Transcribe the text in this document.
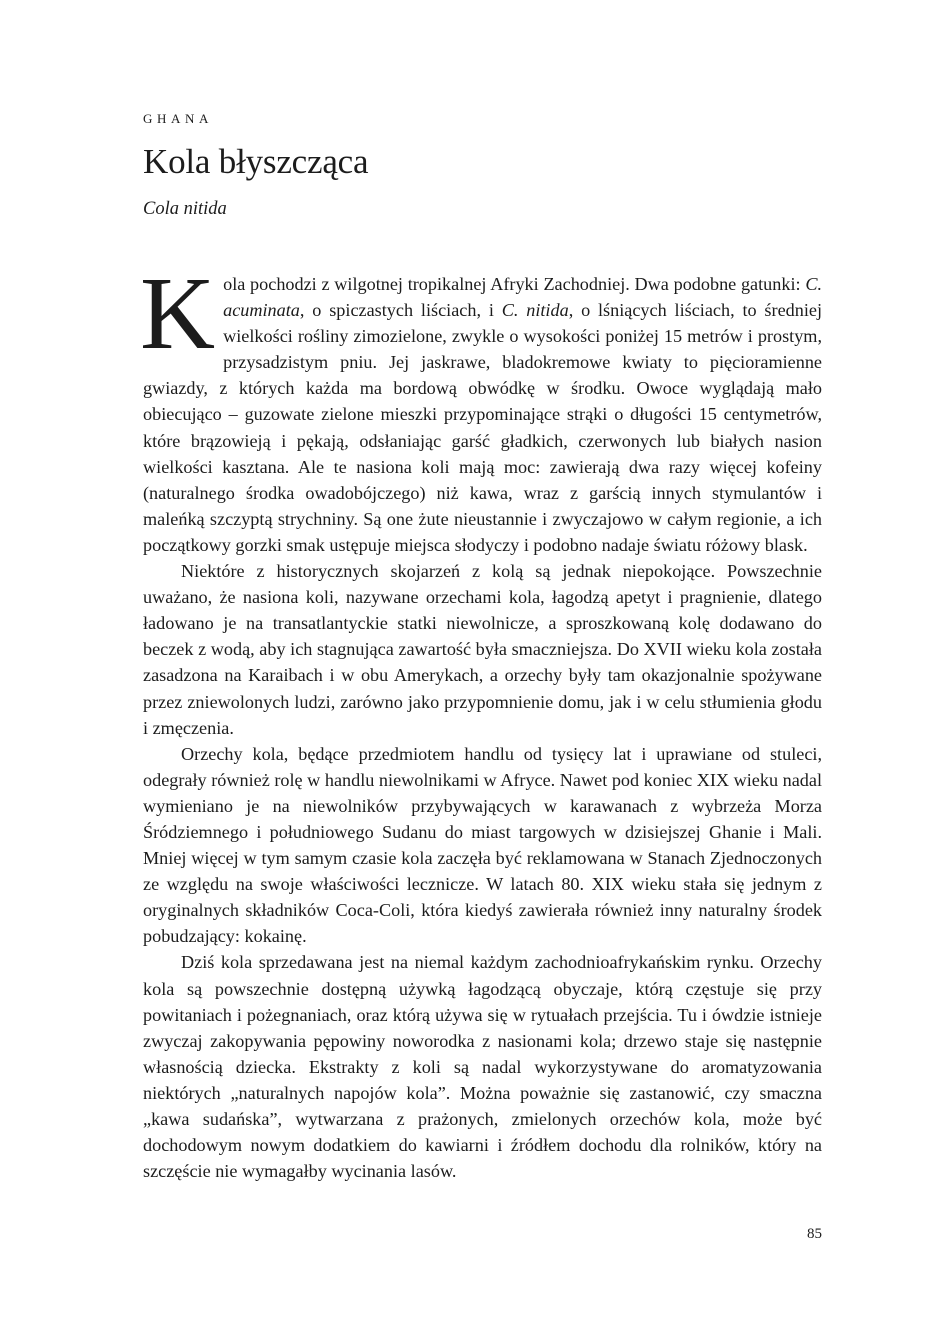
GHANA
Kola błyszcząca
Cola nitida

Kola pochodzi z wilgotnej tropikalnej Afryki Zachodniej. Dwa podobne gatunki: C. acuminata, o spiczastych liściach, i C. nitida, o lśniących liściach, to średniej wielkości rośliny zimozielone, zwykle o wysokości poniżej 15 metrów i prostym, przysadzistym pniu. Jej jaskrawe, bladokremowe kwiaty to pięcioramienne gwiazdy, z których każda ma bordową obwódkę w środku. Owoce wyglądają mało obiecująco – guzowate zielone mieszki przypominające strąki o długości 15 centymetrów, które brązowieją i pękają, odsłaniając garść gładkich, czerwonych lub białych nasion wielkości kasztana. Ale te nasiona koli mają moc: zawierają dwa razy więcej kofeiny (naturalnego środka owadobójczego) niż kawa, wraz z garścią innych stymulantów i maleńką szczyptą strychniny. Są one żute nieustannie i zwyczajowo w całym regionie, a ich początkowy gorzki smak ustępuje miejsca słodyczy i podobno nadaje światu różowy blask.

Niektóre z historycznych skojarzeń z kolą są jednak niepokojące. Powszechnie uważano, że nasiona koli, nazywane orzechami kola, łagodzą apetyt i pragnienie, dlatego ładowano je na transatlantyckie statki niewolnicze, a sproszkowaną kolę dodawano do beczek z wodą, aby ich stagnująca zawartość była smaczniejsza. Do XVII wieku kola została zasadzona na Karaibach i w obu Amerykach, a orzechy były tam okazjonalnie spożywane przez zniewolonych ludzi, zarówno jako przypomnienie domu, jak i w celu stłumienia głodu i zmęczenia.

Orzechy kola, będące przedmiotem handlu od tysięcy lat i uprawiane od stuleci, odegrały również rolę w handlu niewolnikami w Afryce. Nawet pod koniec XIX wieku nadal wymieniano je na niewolników przybywających w karawanach z wybrzeża Morza Śródziemnego i południowego Sudanu do miast targowych w dzisiejszej Ghanie i Mali. Mniej więcej w tym samym czasie kola zaczęła być reklamowana w Stanach Zjednoczonych ze względu na swoje właściwości lecznicze. W latach 80. XIX wieku stała się jednym z oryginalnych składników Coca-Coli, która kiedyś zawierała również inny naturalny środek pobudzający: kokainę.

Dziś kola sprzedawana jest na niemal każdym zachodnioafrykańskim rynku. Orzechy kola są powszechnie dostępną używką łagodzącą obyczaje, którą częstuje się przy powitaniach i pożegnaniach, oraz którą używa się w rytuałach przejścia. Tu i ówdzie istnieje zwyczaj zakopywania pępowiny noworodka z nasionami kola; drzewo staje się następnie własnością dziecka. Ekstrakty z koli są nadal wykorzystywane do aromatyzowania niektórych „naturalnych napojów kola”. Można poważnie się zastanowić, czy smaczna „kawa sudańska”, wytwarzana z prażonych, zmielonych orzechów kola, może być dochodowym nowym dodatkiem do kawiarni i źródłem dochodu dla rolników, który na szczęście nie wymagałby wycinania lasów.

85
